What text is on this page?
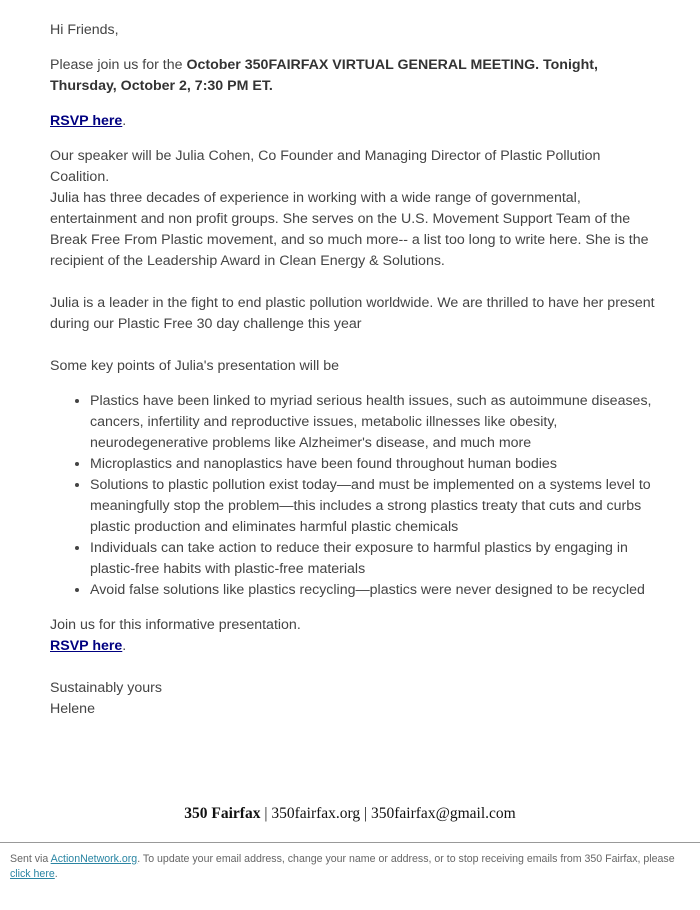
Hi Friends,

Please join us for the October 350FAIRFAX VIRTUAL GENERAL MEETING. Tonight, Thursday, October 2, 7:30 PM ET.

RSVP here.

Our speaker will be Julia Cohen, Co Founder and Managing Director of Plastic Pollution Coalition.

Julia has three decades of experience in working with a wide range of governmental, entertainment and non profit groups. She serves on the U.S. Movement Support Team of the Break Free From Plastic movement, and so much more-- a list too long to write here. She is the recipient of the Leadership Award in Clean Energy & Solutions.

Julia is a leader in the fight to end plastic pollution worldwide. We are thrilled to have her present during our Plastic Free 30 day challenge this year

Some key points of Julia's presentation will be

• Plastics have been linked to myriad serious health issues, such as autoimmune diseases, cancers, infertility and reproductive issues, metabolic illnesses like obesity, neurodegenerative problems like Alzheimer's disease, and much more
• Microplastics and nanoplastics have been found throughout human bodies
• Solutions to plastic pollution exist today—and must be implemented on a systems level to meaningfully stop the problem—this includes a strong plastics treaty that cuts and curbs plastic production and eliminates harmful plastic chemicals
• Individuals can take action to reduce their exposure to harmful plastics by engaging in plastic-free habits with plastic-free materials
• Avoid false solutions like plastics recycling—plastics were never designed to be recycled

Join us for this informative presentation.

RSVP here.

Sustainably yours

Helene

350 Fairfax | 350fairfax.org | 350fairfax@gmail.com
Sent via ActionNetwork.org. To update your email address, change your name or address, or to stop receiving emails from 350 Fairfax, please click here.
